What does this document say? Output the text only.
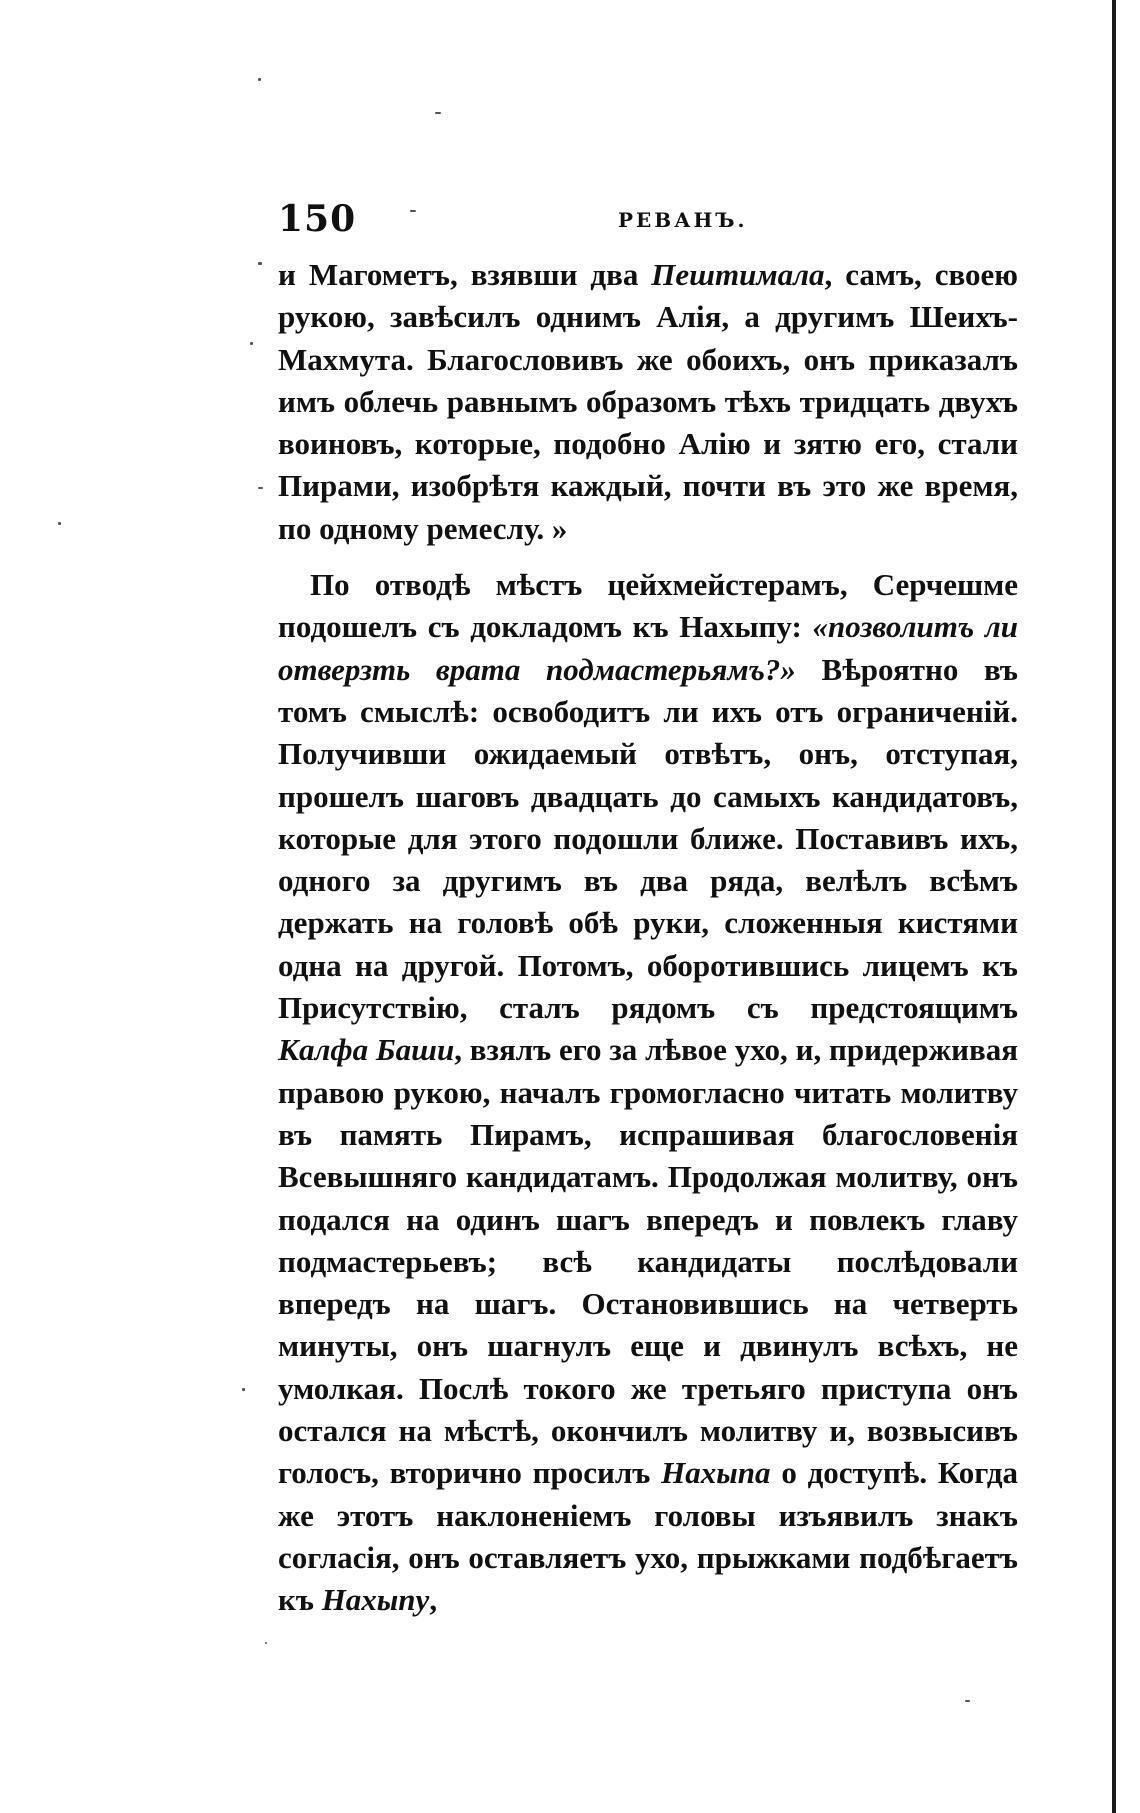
150	РЕВАНЪ.

и Магометъ, взявши два Пештимала, самъ, своею рукою, завѣсилъ однимъ Алія, а другимъ Шеихъ-Махмута. Благословивъ же обоихъ, онъ приказалъ имъ облечь равнымъ образомъ тѣхъ тридцать двухъ воиновъ, которые, подобно Алію и зятю его, стали Пирами, изобрѣтя каждый, почти въ это же время, по одному ремеслу. »

По отводѣ мѣстъ цейхмейстерамъ, Серчешме подошелъ съ докладомъ къ Нахыпу: «позволитъ ли отверзть врата подмастерьямъ?» Вѣроятно въ томъ смыслѣ: освободитъ ли ихъ отъ ограниченій. Получивши ожидаемый отвѣтъ, онъ, отступая, прошелъ шаговъ двадцать до самыхъ кандидатовъ, которые для этого подошли ближе. Поставивъ ихъ, одного за другимъ въ два ряда, велѣлъ всѣмъ держать на головѣ обѣ руки, сложенныя кистями одна на другой. Потомъ, оборотившись лицемъ къ Присутствію, сталъ рядомъ съ предстоящимъ Калфа Баши, взялъ его за лѣвое ухо, и, придерживая правою рукою, началъ громогласно читать молитву въ память Пирамъ, испрашивая благословенія Всевышняго кандидатамъ. Продолжая молитву, онъ подался на одинъ шагъ впередъ и повлекъ главу подмастерьевъ; всѣ кандидаты послѣдовали впередъ на шагъ. Остановившись на четверть минуты, онъ шагнулъ еще и двинулъ всѣхъ, не умолкая. Послѣ токого же третьяго приступа онъ остался на мѣстѣ, окончилъ молитву и, возвысивъ голосъ, вторично просилъ Нахыпа о доступѣ. Когда же этотъ наклоненіемъ головы изъявилъ знакъ согласія, онъ оставляетъ ухо, прыжками подбѣгаетъ къ Нахыпу,
